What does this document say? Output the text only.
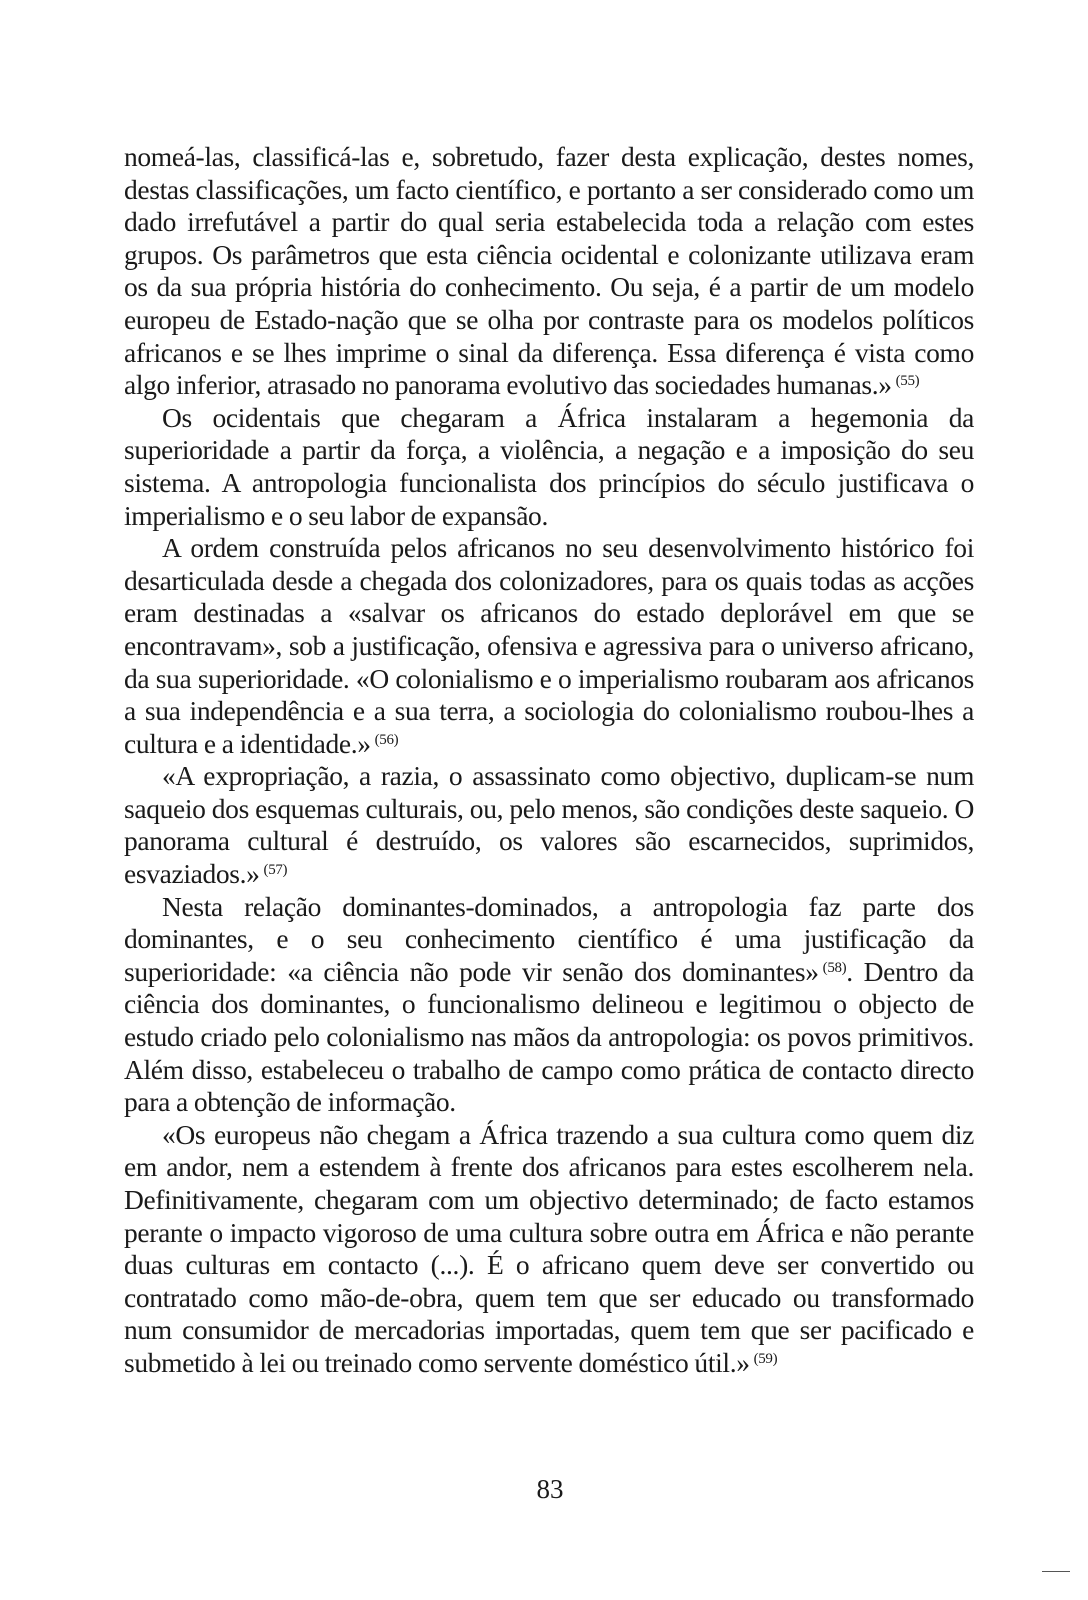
nomeá-las, classificá-las e, sobretudo, fazer desta explicação, destes nomes, destas classificações, um facto científico, e portanto a ser considerado como um dado irrefutável a partir do qual seria estabelecida toda a relação com estes grupos. Os parâmetros que esta ciência ocidental e colonizante utilizava eram os da sua própria história do conhecimento. Ou seja, é a partir de um modelo europeu de Estado-nação que se olha por contraste para os modelos políticos africanos e se lhes imprime o sinal da diferença. Essa diferença é vista como algo inferior, atrasado no panorama evolutivo das sociedades humanas.» $^{(55)}$

Os ocidentais que chegaram a África instalaram a hegemonia da superioridade a partir da força, a violência, a negação e a imposição do seu sistema. A antropologia funcionalista dos princípios do século justificava o imperialismo e o seu labor de expansão.

A ordem construída pelos africanos no seu desenvolvimento histórico foi desarticulada desde a chegada dos colonizadores, para os quais todas as acções eram destinadas a «salvar os africanos do estado deplorável em que se encontravam», sob a justificação, ofensiva e agressiva para o universo africano, da sua superioridade. «O colonialismo e o imperialismo roubaram aos africanos a sua independência e a sua terra, a sociologia do colonialismo roubou-lhes a cultura e a identidade.» $^{(56)}$

«A expropriação, a razia, o assassinato como objectivo, duplicam-se num saqueio dos esquemas culturais, ou, pelo menos, são condições deste saqueio. O panorama cultural é destruído, os valores são escarnecidos, suprimidos, esvaziados.» $^{(57)}$

Nesta relação dominantes-dominados, a antropologia faz parte dos dominantes, e o seu conhecimento científico é uma justificação da superioridade: «a ciência não pode vir senão dos dominantes» $^{(58)}$. Dentro da ciência dos dominantes, o funcionalismo delineou e legitimou o objecto de estudo criado pelo colonialismo nas mãos da antropologia: os povos primitivos. Além disso, estabeleceu o trabalho de campo como prática de contacto directo para a obtenção de informação.

«Os europeus não chegam a África trazendo a sua cultura como quem diz em andor, nem a estendem à frente dos africanos para estes escolherem nela. Definitivamente, chegaram com um objectivo determinado; de facto estamos perante o impacto vigoroso de uma cultura sobre outra em África e não perante duas culturas em contacto (...). É o africano quem deve ser convertido ou contratado como mão-de-obra, quem tem que ser educado ou transformado num consumidor de mercadorias importadas, quem tem que ser pacificado e submetido à lei ou treinado como servente doméstico útil.» $^{(59)}$

83
